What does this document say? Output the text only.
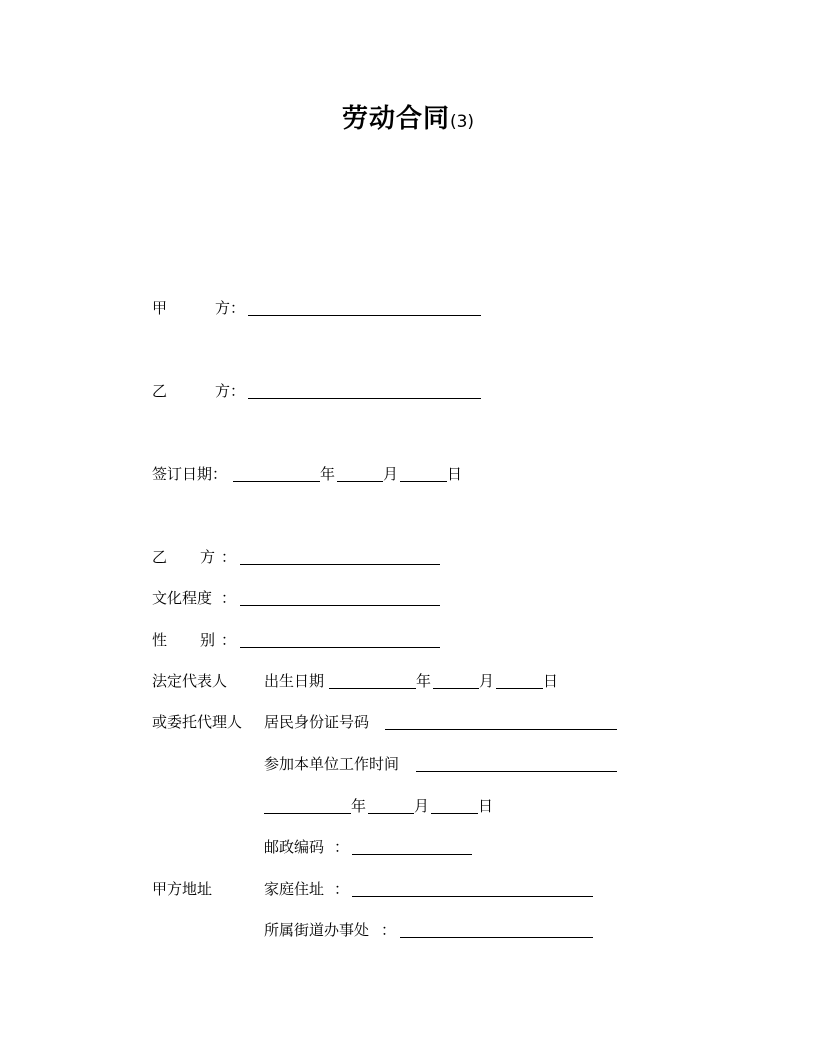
劳动合同(3)
甲	方：
乙	方：
签订日期：	年	月	日
乙 方 ：
文化程度 ：
性 别 ：
法定代表人 出生日期	年	月	日
或委托代理人 居民身份证号码
参加本单位工作时间
年	月	日
邮政编码 ：
甲方地址	家庭住址 ：
所属街道办事处 ：
